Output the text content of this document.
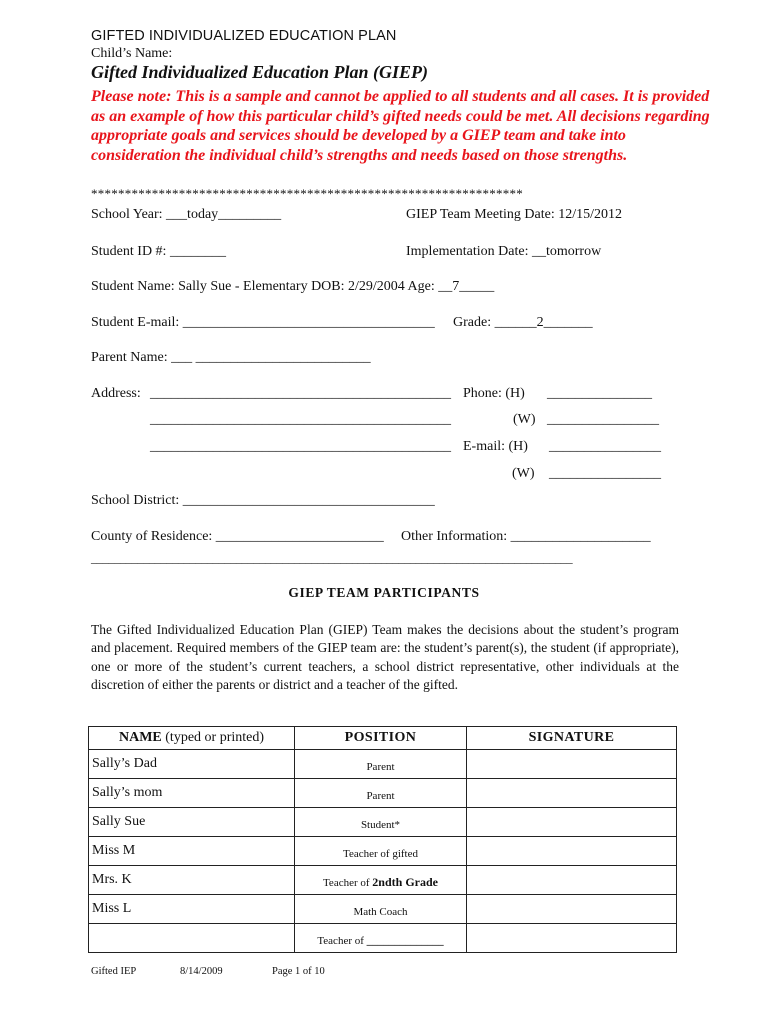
GIFTED INDIVIDUALIZED EDUCATION PLAN
Child’s Name:
Gifted Individualized Education Plan (GIEP)
Please note: This is a sample and cannot be applied to all students and all cases. It is provided as an example of how this particular child’s gifted needs could be met. All decisions regarding appropriate goals and services should be developed by a GIEP team and take into consideration the individual child’s strengths and needs based on those strengths.
****************************************************************
School Year: ___today_________	GIEP Team Meeting Date: 12/15/2012
Student ID #: ________	Implementation Date: __tomorrow
Student Name: Sally Sue - Elementary DOB: 2/29/2004 Age: __7_____
Student E-mail: ____________________________________ Grade: ______2_______
Parent Name: ___ _________________________
Address: ___________________________________________ Phone: (H) _______________
___________________________________________	(W) ________________
___________________________________________ E-mail: (H) ________________
(W) ________________
School District: ____________________________________
County of Residence: ________________________ Other Information: ____________________
___________________________________________________________________________________
GIEP TEAM PARTICIPANTS
The Gifted Individualized Education Plan (GIEP) Team makes the decisions about the student’s program and placement. Required members of the GIEP team are: the student’s parent(s), the student (if appropriate), one or more of the student’s current teachers, a school district representative, other individuals at the discretion of either the parents or district and a teacher of the gifted.
NAME (typed or printed)	POSITION	SIGNATURE
Sally’s Dad	Parent	
Sally’s mom	Parent	
Sally Sue	Student*	
Miss M	Teacher of gifted	
Mrs. K	Teacher of 2ndth Grade	
Miss L	Math Coach	
	Teacher of ______________	
Gifted IEP	8/14/2009	Page 1 of 10
